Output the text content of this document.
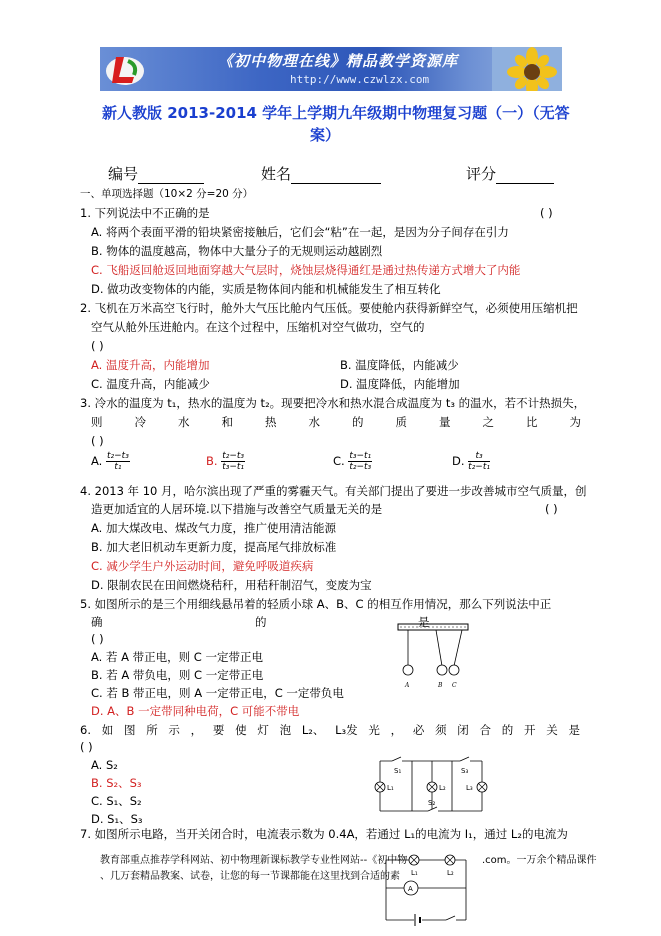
《初中物理在线》精品教学资源库
http://www.czwlzx.com
新人教版 2013-2014 学年上学期九年级期中物理复习题（一）（无答
案）
编号	姓名	评分
一、单项选择题（10×2 分=20 分）
1. 下列说法中不正确的是	( )
A. 将两个表面平滑的铅块紧密接触后，它们会“粘”在一起，是因为分子间存在引力
B. 物体的温度越高，物体中大量分子的无规则运动越剧烈
C. 飞船返回舱返回地面穿越大气层时，烧蚀层烧得通红是通过热传递方式增大了内能
D. 做功改变物体的内能，实质是物体间内能和机械能发生了相互转化
2. 飞机在万米高空飞行时，舱外大气压比舱内气压低。要使舱内获得新鲜空气，必须使用压缩机把
空气从舱外压进舱内。在这个过程中，压缩机对空气做功，空气的
( )
A. 温度升高，内能增加	B. 温度降低，内能减少
C. 温度升高，内能减少	D. 温度降低，内能增加
3. 冷水的温度为 t₁，热水的温度为 t₂。现要把冷水和热水混合成温度为 t₃ 的温水，若不计热损失，
则	冷	水	和	热	水	的	质	量	之	比	为
( )
A. $\frac{\text{t₂−t₃}}{\text{t₁}}$	B. $\frac{\text{t₂−t₃}}{\text{t₃−t₁}}$	C. $\frac{\text{t₃−t₁}}{\text{t₂−t₃}}$	D. $\frac{\text{t₃}}{\text{t₂−t₁}}$
4. 2013 年 10 月，哈尔滨出现了严重的雾霾天气。有关部门提出了要进一步改善城市空气质量，创
造更加适宜的人居环境.以下措施与改善空气质量无关的是	( )
A. 加大煤改电、煤改气力度，推广使用清洁能源
B. 加大老旧机动车更新力度，提高尾气排放标准
C. 减少学生户外运动时间，避免呼吸道疾病
D. 限制农民在田间燃烧秸秆，用秸秆制沼气，变废为宝
5. 如图所示的是三个用细线悬吊着的轻质小球 A、B、C 的相互作用情况，那么下列说法中正
确	的	是
( )
A. 若 A 带正电，则 C 一定带正电
B. 若 A 带负电，则 C 一定带正电
C. 若 B 带正电，则 A 一定带正电，C 一定带负电
D. A、B 一定带同种电荷，C 可能不带电
A	B C
6. 如 图 所 示 ， 要 使 灯 泡 L₂、 L₃发 光 ， 必 须 闭 合 的 开 关 是
( )
A. S₂
B. S₂、S₃
C. S₁、S₂
D. S₁、S₃
S₁	S₃
L₁	L₂	L₃
S₂
7. 如图所示电路，当开关闭合时，电流表示数为 0.4A，若通过 L₁的电流为 I₁，通过 L₂的电流为
L₁	L₂
A
教育部重点推荐学科网站、初中物理新课标教学专业性网站--《初中物	.com。一万余个精品课件
、几万套精品教案、试卷，让您的每一节课都能在这里找到合适的素
